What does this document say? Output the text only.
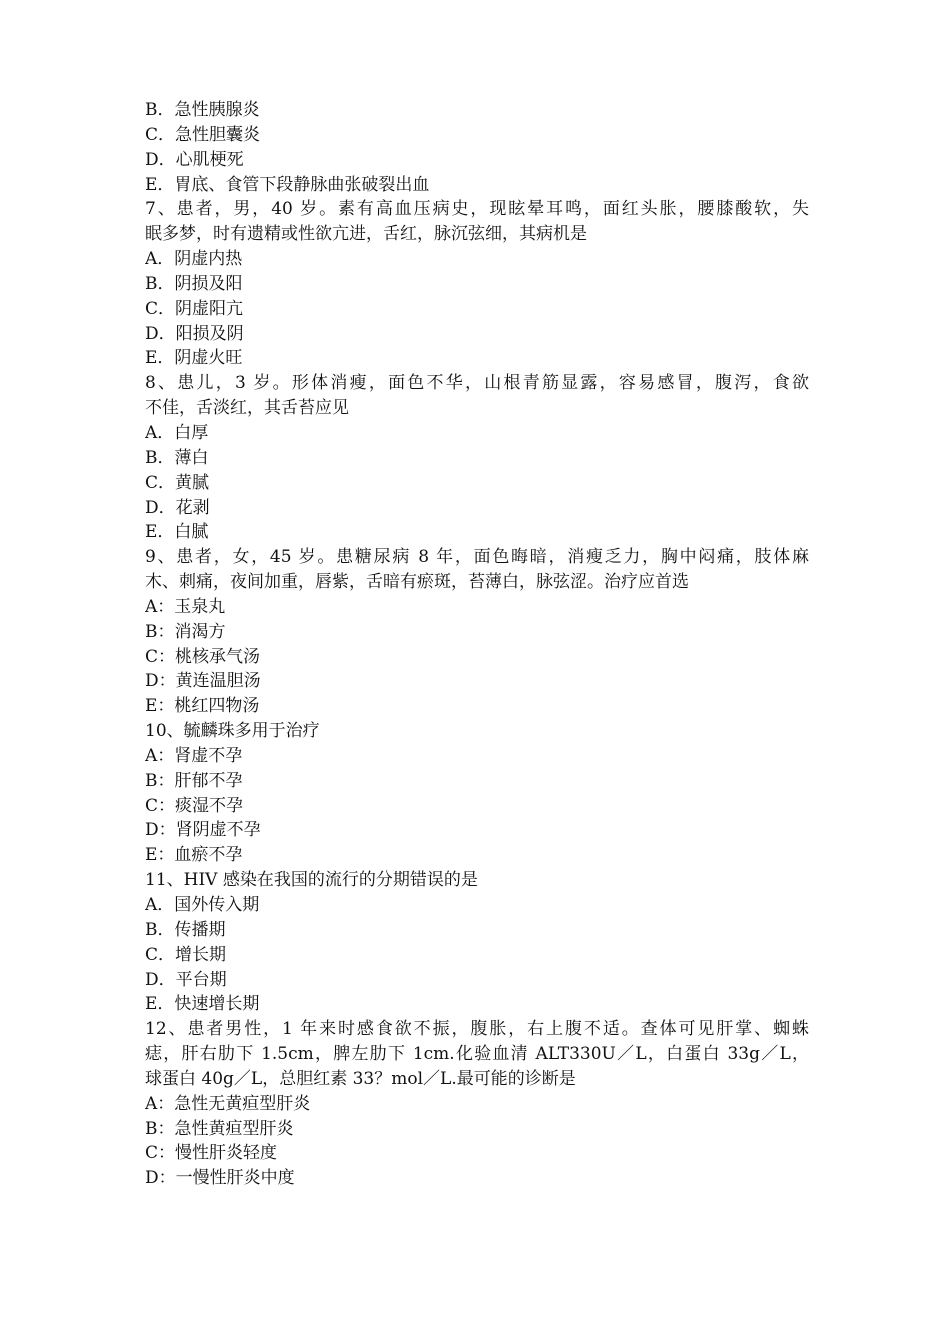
B．急性胰腺炎
C．急性胆囊炎
D．心肌梗死
E．胃底、食管下段静脉曲张破裂出血
7、患者，男，40 岁。素有高血压病史，现眩晕耳鸣，面红头胀，腰膝酸软，失
眠多梦，时有遗精或性欲亢进，舌红，脉沉弦细，其病机是
A．阴虚内热
B．阴损及阳
C．阴虚阳亢
D．阳损及阴
E．阴虚火旺
8、患儿，3 岁。形体消瘦，面色不华，山根青筋显露，容易感冒，腹泻，食欲
不佳，舌淡红，其舌苔应见
A．白厚
B．薄白
C．黄腻
D．花剥
E．白腻
9、患者，女，45 岁。患糖尿病 8 年，面色晦暗，消瘦乏力，胸中闷痛，肢体麻
木、刺痛，夜间加重，唇紫，舌暗有瘀斑，苔薄白，脉弦涩。治疗应首选
A：玉泉丸
B：消渴方
C：桃核承气汤
D：黄连温胆汤
E：桃红四物汤
10、毓麟珠多用于治疗
A：肾虚不孕
B：肝郁不孕
C：痰湿不孕
D：肾阴虚不孕
E：血瘀不孕
11、HIV 感染在我国的流行的分期错误的是
A．国外传入期
B．传播期
C．增长期
D．平台期
E．快速增长期
12、患者男性，1 年来时感食欲不振，腹胀，右上腹不适。查体可见肝掌、蜘蛛
痣，肝右肋下 1.5cm，脾左肋下 1cm.化验血清 ALT330U／L，白蛋白 33g／L，
球蛋白 40g／L，总胆红素 33？mol／L.最可能的诊断是
A：急性无黄疸型肝炎
B：急性黄疸型肝炎
C：慢性肝炎轻度
D：一慢性肝炎中度
